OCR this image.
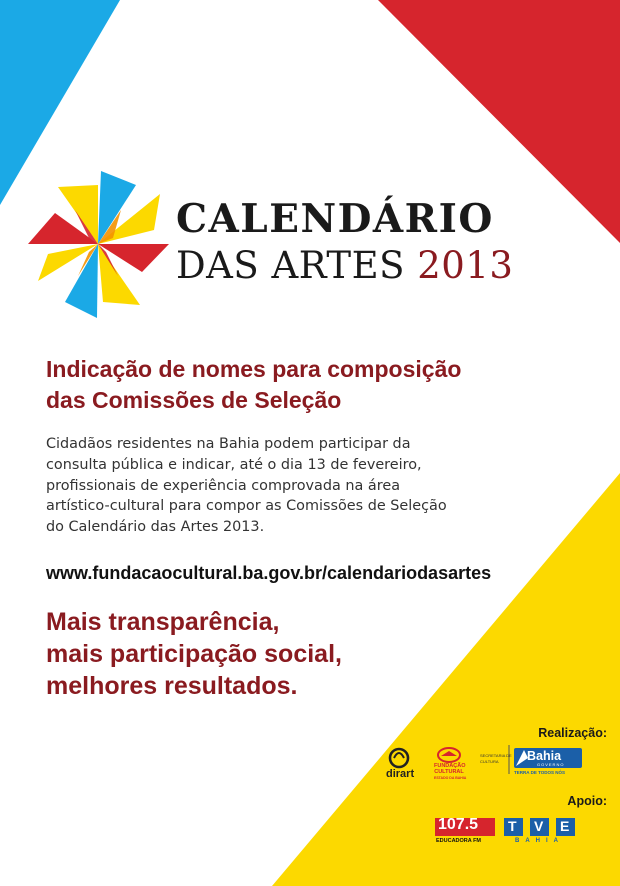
CALENDÁRIO
DAS ARTES 2013
Indicação de nomes para composição
das Comissões de Seleção
Cidadãos residentes na Bahia podem participar da
consulta pública e indicar, até o dia 13 de fevereiro,
profissionais de experiência comprovada na área
artístico-cultural para compor as Comissões de Seleção
do Calendário das Artes 2013.
www.fundacaocultural.ba.gov.br/calendariodasartes
Mais transparência,
mais participação social,
melhores resultados.
Realização:
dirart
FUNDAÇÃO
CULTURAL
ESTADO DA BAHIA
SECRETARIA DE
CULTURA	Bahia
GOVERNO
TERRA DE TODOS NÓS
Apoio:
107.5
EDUCADORA FM
T V E
BAHIA
